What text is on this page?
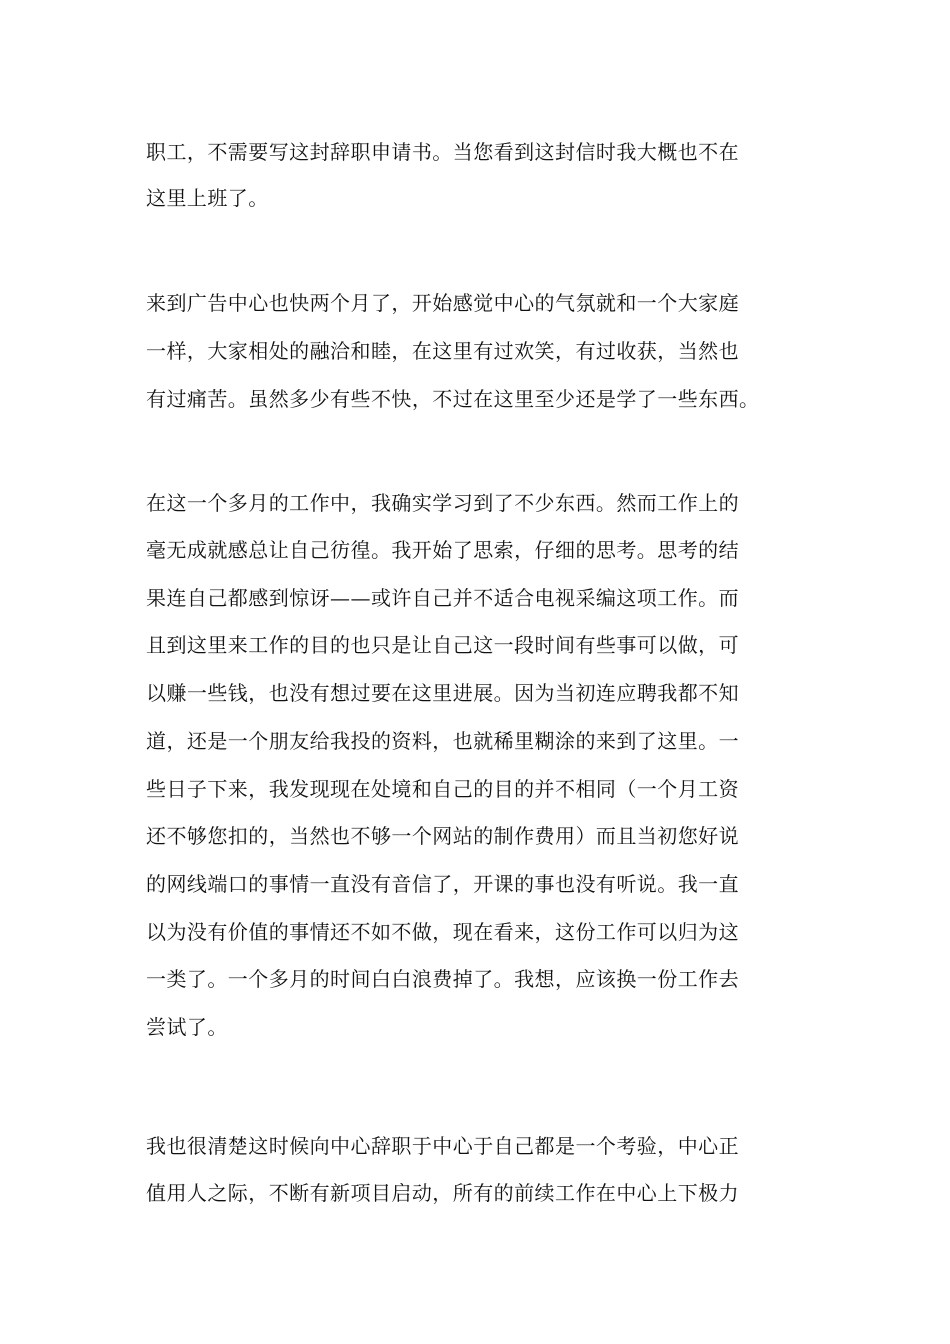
职工，不需要写这封辞职申请书。当您看到这封信时我大概也不在
这里上班了。
来到广告中心也快两个月了，开始感觉中心的气氛就和一个大家庭
一样，大家相处的融洽和睦，在这里有过欢笑，有过收获，当然也
有过痛苦。虽然多少有些不快，不过在这里至少还是学了一些东西。
在这一个多月的工作中，我确实学习到了不少东西。然而工作上的
毫无成就感总让自己彷徨。我开始了思索，仔细的思考。思考的结
果连自己都感到惊讶——或许自己并不适合电视采编这项工作。而
且到这里来工作的目的也只是让自己这一段时间有些事可以做，可
以赚一些钱，也没有想过要在这里进展。因为当初连应聘我都不知
道，还是一个朋友给我投的资料，也就稀里糊涂的来到了这里。一
些日子下来，我发现现在处境和自己的目的并不相同（一个月工资
还不够您扣的，当然也不够一个网站的制作费用）而且当初您好说
的网线端口的事情一直没有音信了，开课的事也没有听说。我一直
以为没有价值的事情还不如不做，现在看来，这份工作可以归为这
一类了。一个多月的时间白白浪费掉了。我想，应该换一份工作去
尝试了。
我也很清楚这时候向中心辞职于中心于自己都是一个考验，中心正
值用人之际，不断有新项目启动，所有的前续工作在中心上下极力
